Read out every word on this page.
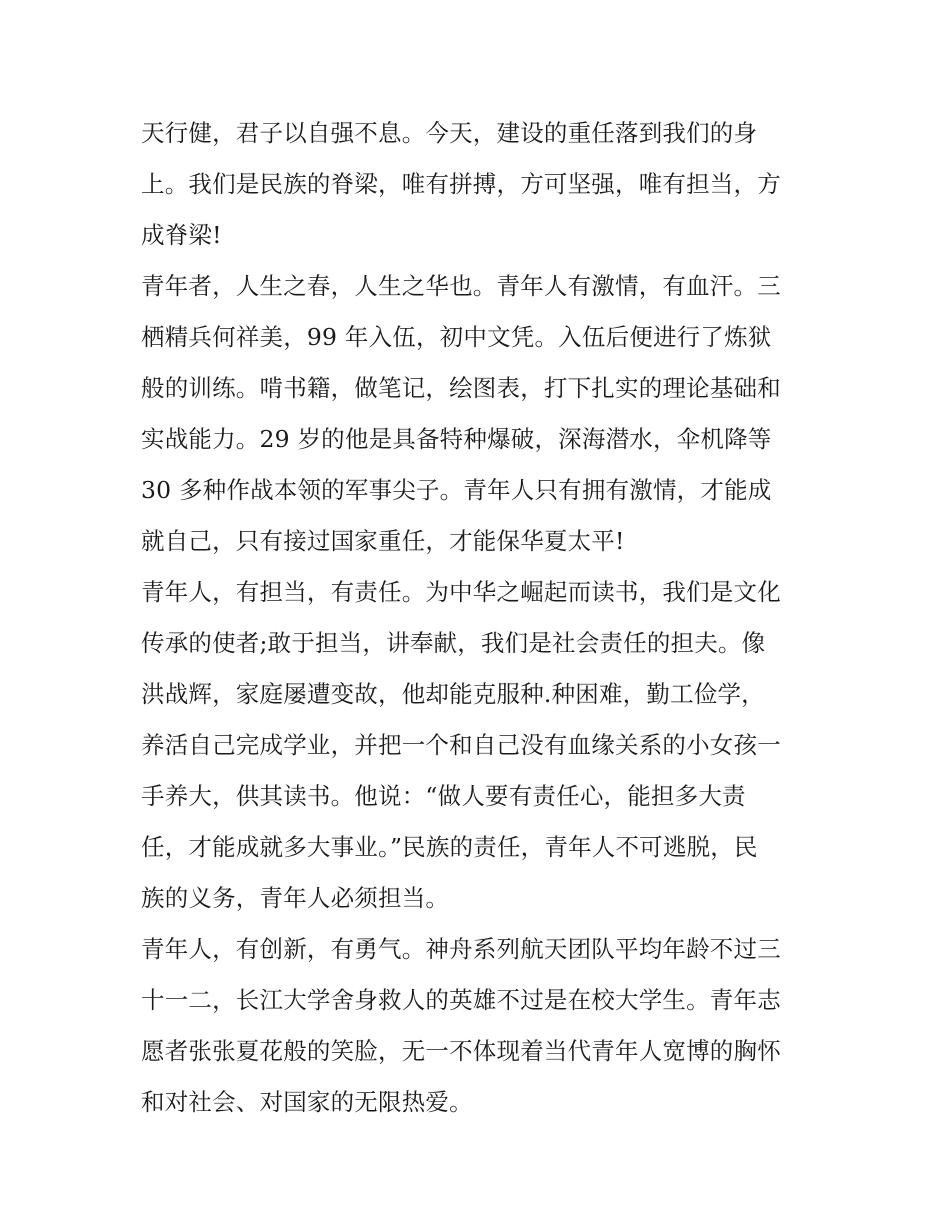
天行健，君子以自强不息。今天，建设的重任落到我们的身
上。我们是民族的脊梁，唯有拼搏，方可坚强，唯有担当，方
成脊梁!
青年者，人生之春，人生之华也。青年人有激情，有血汗。三
栖精兵何祥美，99 年入伍，初中文凭。入伍后便进行了炼狱
般的训练。啃书籍，做笔记，绘图表，打下扎实的理论基础和
实战能力。29 岁的他是具备特种爆破，深海潜水，伞机降等
30 多种作战本领的军事尖子。青年人只有拥有激情，才能成
就自己，只有接过国家重任，才能保华夏太平!
青年人，有担当，有责任。为中华之崛起而读书，我们是文化
传承的使者;敢于担当，讲奉献，我们是社会责任的担夫。像
洪战辉，家庭屡遭变故，他却能克服种.种困难，勤工俭学，
养活自己完成学业，并把一个和自己没有血缘关系的小女孩一
手养大，供其读书。他说：“做人要有责任心，能担多大责
任，才能成就多大事业。”民族的责任，青年人不可逃脱，民
族的义务，青年人必须担当。
青年人，有创新，有勇气。神舟系列航天团队平均年龄不过三
十一二，长江大学舍身救人的英雄不过是在校大学生。青年志
愿者张张夏花般的笑脸，无一不体现着当代青年人宽博的胸怀
和对社会、对国家的无限热爱。
